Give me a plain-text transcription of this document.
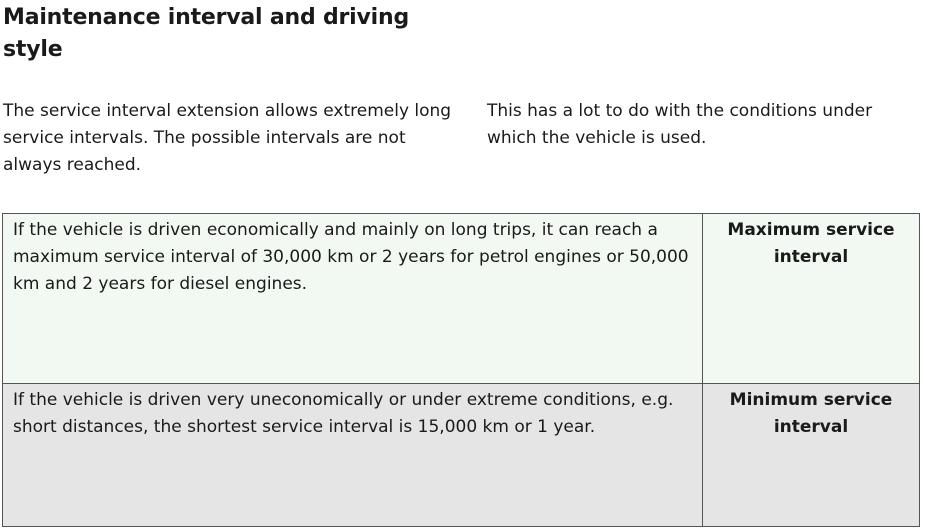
Maintenance interval and driving style

The service interval extension allows extremely long service intervals. The possible intervals are not always reached.

This has a lot to do with the conditions under which the vehicle is used.

If the vehicle is driven economically and mainly on long trips, it can reach a maximum service interval of 30,000 km or 2 years for petrol engines or 50,000 km and 2 years for diesel engines.	Maximum service interval
If the vehicle is driven very uneconomically or under extreme conditions, e.g. short distances, the shortest service interval is 15,000 km or 1 year.	Minimum service interval
